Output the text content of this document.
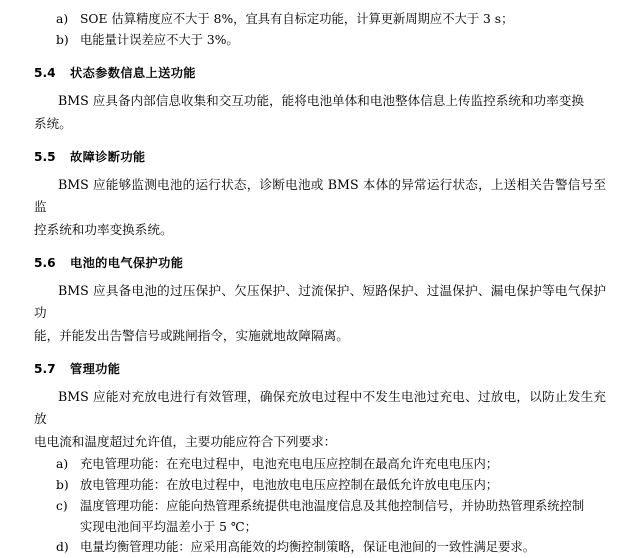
a) SOE 估算精度应不大于 8%，宜具有自标定功能，计算更新周期应不大于 3 s；
b) 电能量计误差应不大于 3%。
5.4	状态参数信息上送功能

BMS 应具备内部信息收集和交互功能，能将电池单体和电池整体信息上传监控系统和功率变换

系统。

5.5	故障诊断功能

BMS 应能够监测电池的运行状态，诊断电池或 BMS 本体的异常运行状态，上送相关告警信号至监

控系统和功率变换系统。

5.6	电池的电气保护功能

BMS 应具备电池的过压保护、欠压保护、过流保护、短路保护、过温保护、漏电保护等电气保护功

能，并能发出告警信号或跳闸指令，实施就地故障隔离。

5.7	管理功能

BMS 应能对充放电进行有效管理，确保充放电过程中不发生电池过充电、过放电，以防止发生充放

电电流和温度超过允许值，主要功能应符合下列要求：

a) 充电管理功能：在充电过程中，电池充电电压应控制在最高允许充电电压内；
b) 放电管理功能：在放电过程中，电池放电电压应控制在最低允许放电电压内；
c)	温度管理功能：应能向热管理系统提供电池温度信息及其他控制信号，并协助热管理系统控制
实现电池间平均温差小于 5 ℃；
d) 电量均衡管理功能：应采用高能效的均衡控制策略，保证电池间的一致性满足要求。
